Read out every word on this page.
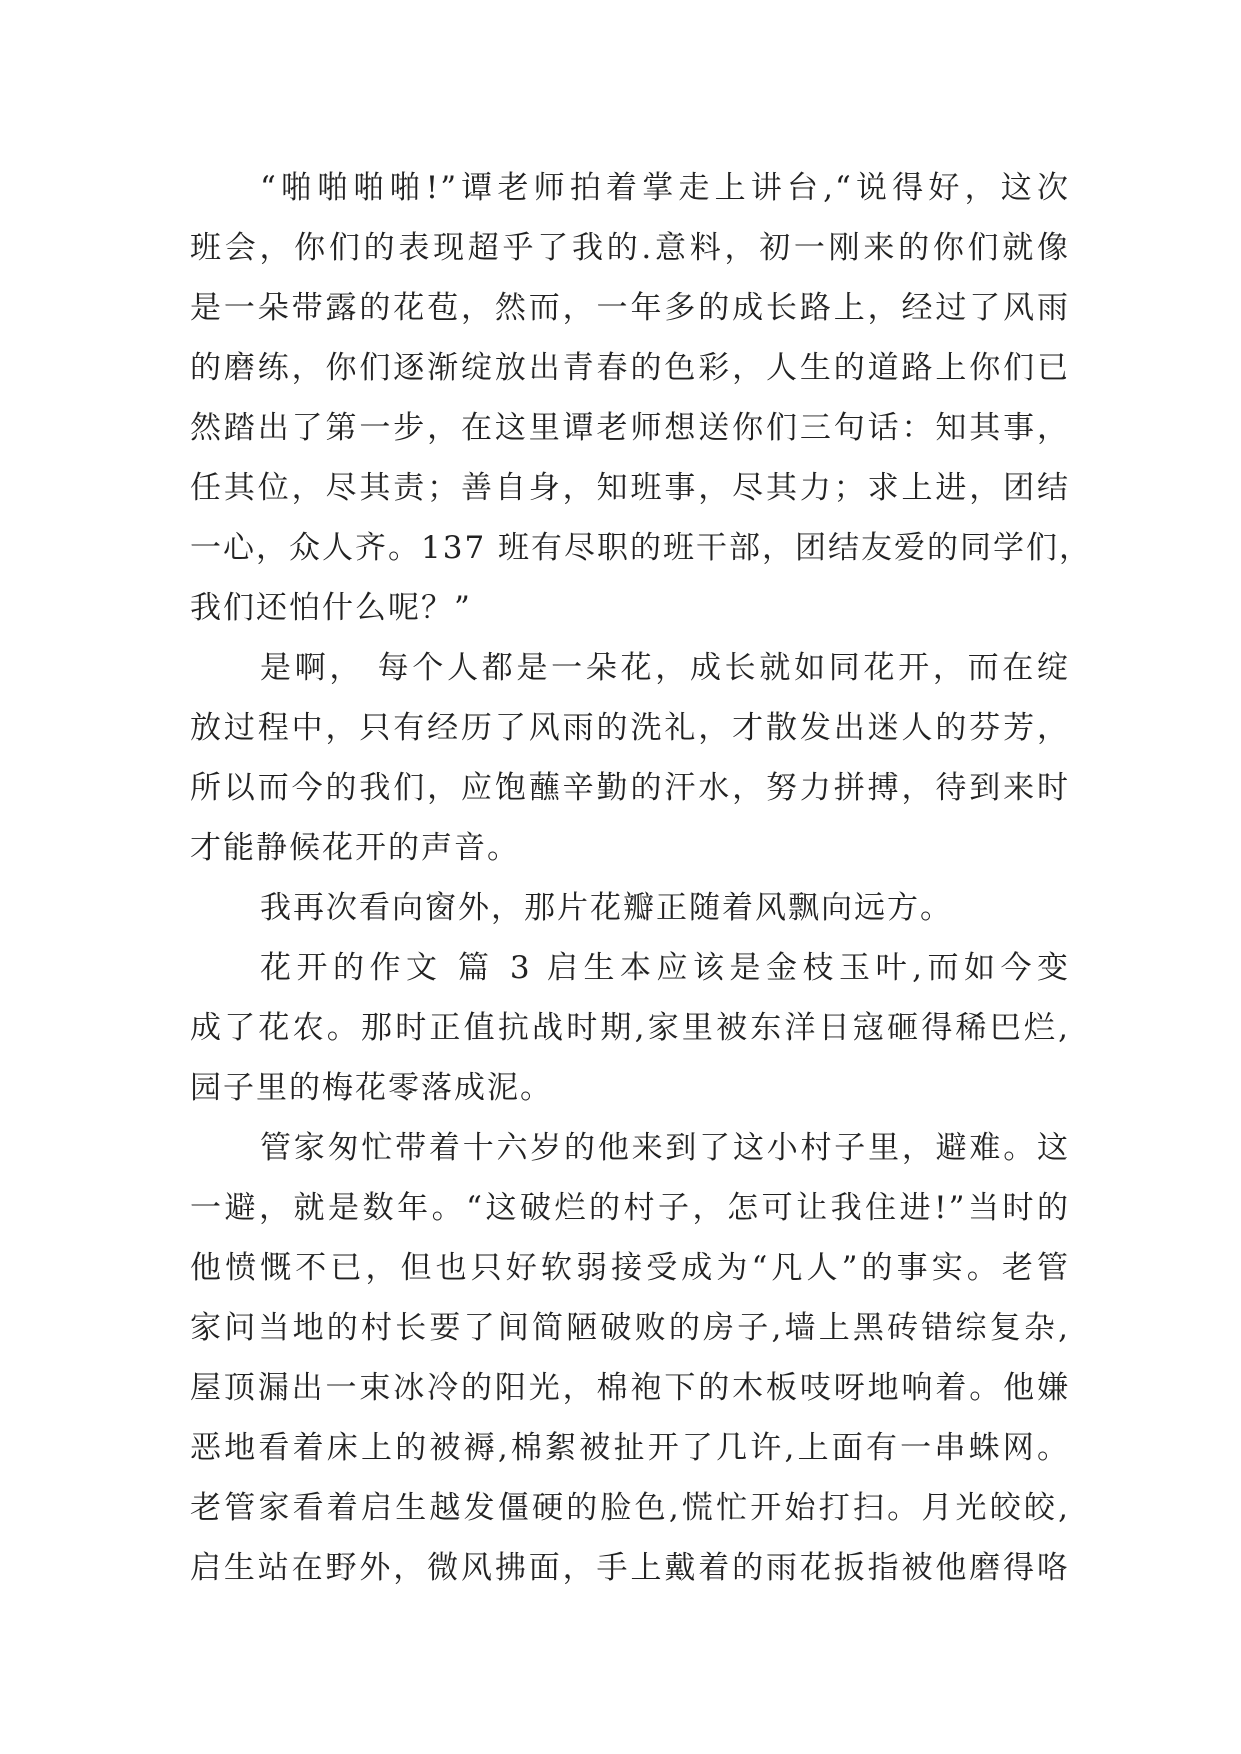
“啪啪啪啪!”谭老师拍着掌走上讲台,“说得好，这次
班会，你们的表现超乎了我的.意料，初一刚来的你们就像
是一朵带露的花苞，然而，一年多的成长路上，经过了风雨
的磨练，你们逐渐绽放出青春的色彩，人生的道路上你们已
然踏出了第一步，在这里谭老师想送你们三句话：知其事，
任其位，尽其责；善自身，知班事，尽其力；求上进，团结
一心，众人齐。137 班有尽职的班干部，团结友爱的同学们，
我们还怕什么呢？”
是啊， 每个人都是一朵花，成长就如同花开，而在绽
放过程中，只有经历了风雨的洗礼，才散发出迷人的芬芳，
所以而今的我们，应饱蘸辛勤的汗水，努力拼搏，待到来时
才能静候花开的声音。
我再次看向窗外，那片花瓣正随着风飘向远方。
花开的作文 篇 3 启生本应该是金枝玉叶,而如今变
成了花农。那时正值抗战时期,家里被东洋日寇砸得稀巴烂,
园子里的梅花零落成泥。
管家匆忙带着十六岁的他来到了这小村子里，避难。这
一避，就是数年。“这破烂的村子，怎可让我住进!”当时的
他愤慨不已，但也只好软弱接受成为“凡人”的事实。老管
家问当地的村长要了间简陋破败的房子,墙上黑砖错综复杂,
屋顶漏出一束冰冷的阳光，棉袍下的木板吱呀地响着。他嫌
恶地看着床上的被褥,棉絮被扯开了几许,上面有一串蛛网。
老管家看着启生越发僵硬的脸色,慌忙开始打扫。月光皎皎,
启生站在野外，微风拂面，手上戴着的雨花扳指被他磨得咯
